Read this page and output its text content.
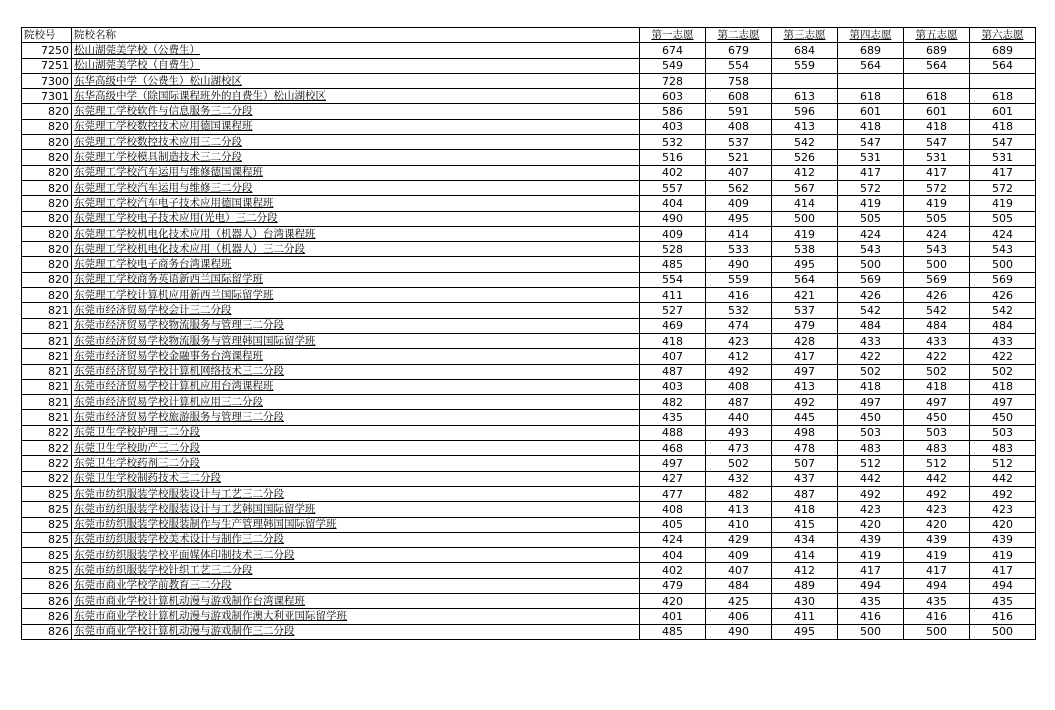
院校号	院校名称	第一志愿	第二志愿	第三志愿	第四志愿	第五志愿	第六志愿
7250	松山湖莞美学校（公费生）	674	679	684	689	689	689
7251	松山湖莞美学校（自费生）	549	554	559	564	564	564
7300	东华高级中学（公费生）松山湖校区	728	758				
7301	东华高级中学（除国际课程班外的自费生）松山湖校区	603	608	613	618	618	618
820	东莞理工学校软件与信息服务三二分段	586	591	596	601	601	601
820	东莞理工学校数控技术应用德国课程班	403	408	413	418	418	418
820	东莞理工学校数控技术应用三二分段	532	537	542	547	547	547
820	东莞理工学校模具制造技术三二分段	516	521	526	531	531	531
820	东莞理工学校汽车运用与维修德国课程班	402	407	412	417	417	417
820	东莞理工学校汽车运用与维修三二分段	557	562	567	572	572	572
820	东莞理工学校汽车电子技术应用德国课程班	404	409	414	419	419	419
820	东莞理工学校电子技术应用(光电）三二分段	490	495	500	505	505	505
820	东莞理工学校机电化技术应用（机器人）台湾课程班	409	414	419	424	424	424
820	东莞理工学校机电化技术应用（机器人）三二分段	528	533	538	543	543	543
820	东莞理工学校电子商务台湾课程班	485	490	495	500	500	500
820	东莞理工学校商务英语新西兰国际留学班	554	559	564	569	569	569
820	东莞理工学校计算机应用新西兰国际留学班	411	416	421	426	426	426
821	东莞市经济贸易学校会计三二分段	527	532	537	542	542	542
821	东莞市经济贸易学校物流服务与管理三二分段	469	474	479	484	484	484
821	东莞市经济贸易学校物流服务与管理韩国国际留学班	418	423	428	433	433	433
821	东莞市经济贸易学校金融事务台湾课程班	407	412	417	422	422	422
821	东莞市经济贸易学校计算机网络技术三二分段	487	492	497	502	502	502
821	东莞市经济贸易学校计算机应用台湾课程班	403	408	413	418	418	418
821	东莞市经济贸易学校计算机应用三二分段	482	487	492	497	497	497
821	东莞市经济贸易学校旅游服务与管理三二分段	435	440	445	450	450	450
822	东莞卫生学校护理三二分段	488	493	498	503	503	503
822	东莞卫生学校助产三二分段	468	473	478	483	483	483
822	东莞卫生学校药剂三二分段	497	502	507	512	512	512
822	东莞卫生学校制药技术三二分段	427	432	437	442	442	442
825	东莞市纺织服装学校服装设计与工艺三二分段	477	482	487	492	492	492
825	东莞市纺织服装学校服装设计与工艺韩国国际留学班	408	413	418	423	423	423
825	东莞市纺织服装学校服装制作与生产管理韩国国际留学班	405	410	415	420	420	420
825	东莞市纺织服装学校美术设计与制作三二分段	424	429	434	439	439	439
825	东莞市纺织服装学校平面媒体印制技术三二分段	404	409	414	419	419	419
825	东莞市纺织服装学校针织工艺三二分段	402	407	412	417	417	417
826	东莞市商业学校学前教育三二分段	479	484	489	494	494	494
826	东莞市商业学校计算机动漫与游戏制作台湾课程班	420	425	430	435	435	435
826	东莞市商业学校计算机动漫与游戏制作澳大利亚国际留学班	401	406	411	416	416	416
826	东莞市商业学校计算机动漫与游戏制作三二分段	485	490	495	500	500	500
